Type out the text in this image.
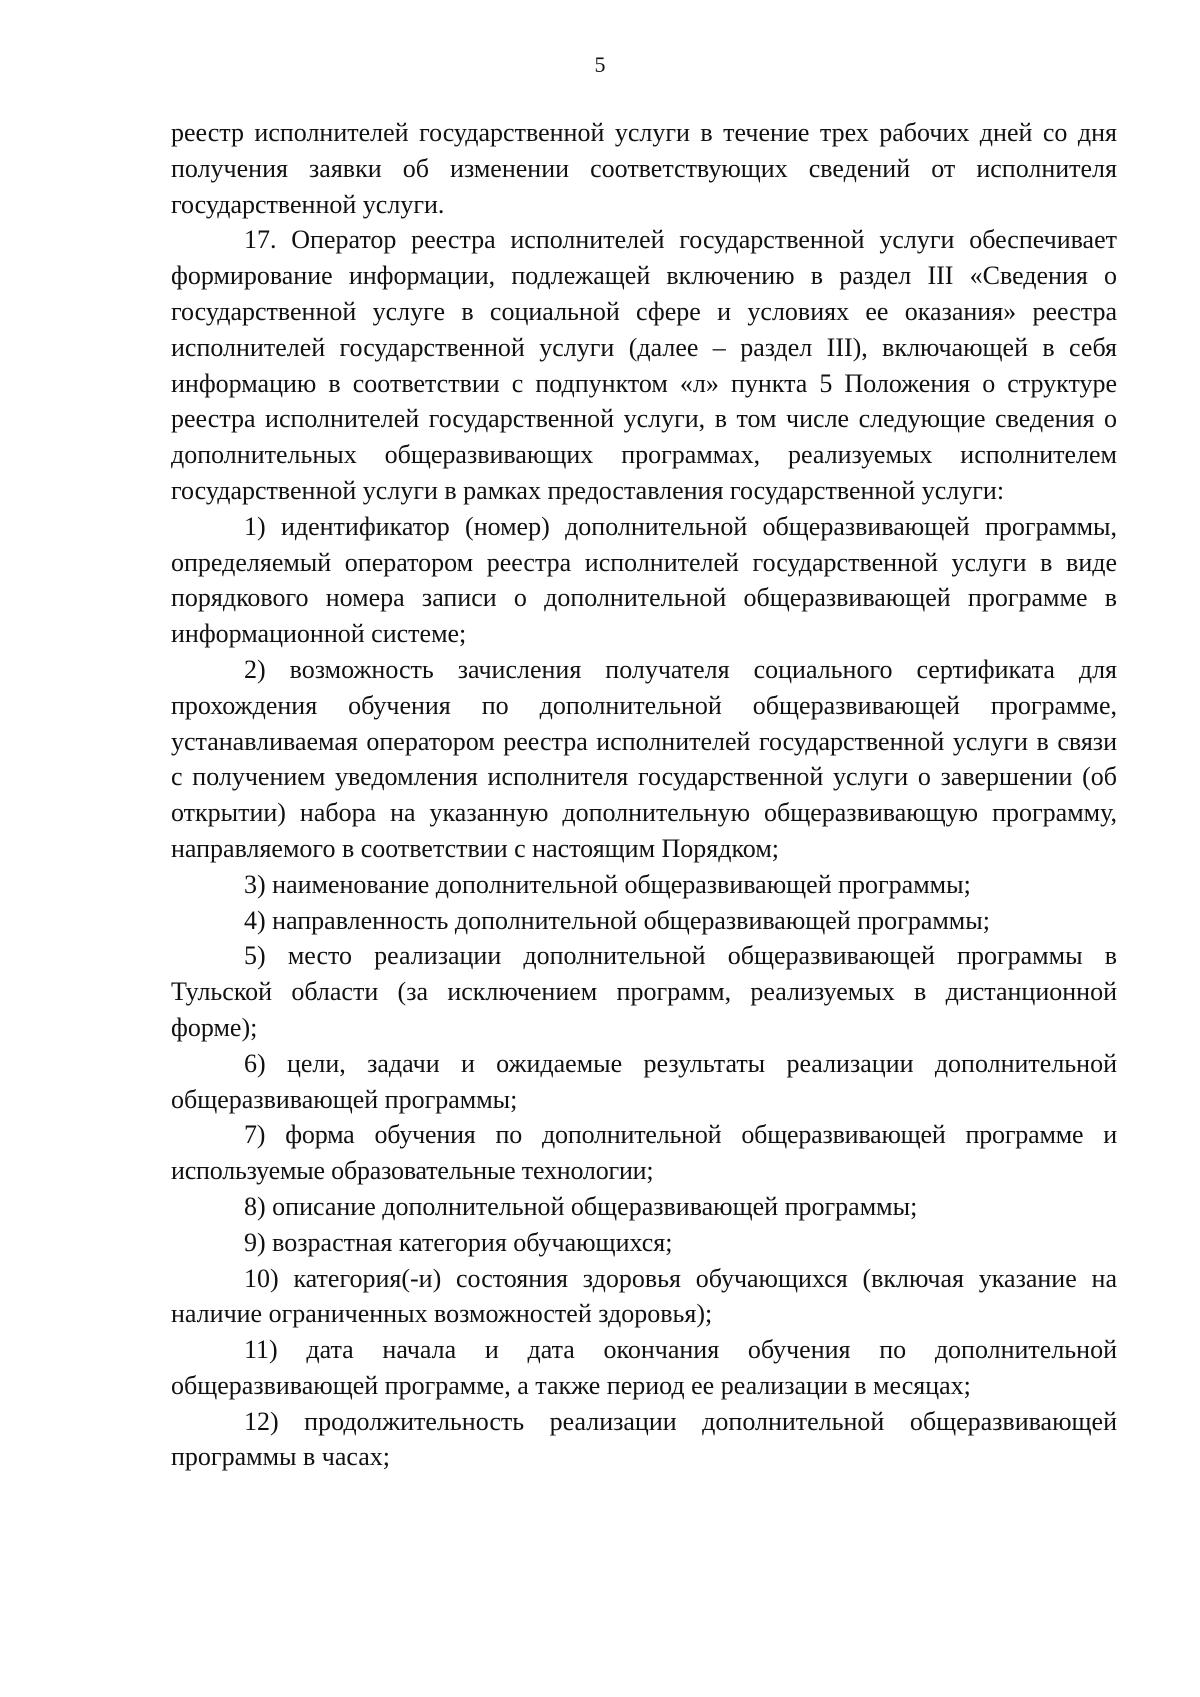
5

реестр исполнителей государственной услуги в течение трех рабочих дней со дня получения заявки об изменении соответствующих сведений от исполнителя государственной услуги.

17. Оператор реестра исполнителей государственной услуги обеспечивает формирование информации, подлежащей включению в раздел III «Сведения о государственной услуге в социальной сфере и условиях ее оказания» реестра исполнителей государственной услуги (далее – раздел III), включающей в себя информацию в соответствии с подпунктом «л» пункта 5 Положения о структуре реестра исполнителей государственной услуги, в том числе следующие сведения о дополнительных общеразвивающих программах, реализуемых исполнителем государственной услуги в рамках предоставления государственной услуги:

1) идентификатор (номер) дополнительной общеразвивающей программы, определяемый оператором реестра исполнителей государственной услуги в виде порядкового номера записи о дополнительной общеразвивающей программе в информационной системе;

2) возможность зачисления получателя социального сертификата для прохождения обучения по дополнительной общеразвивающей программе, устанавливаемая оператором реестра исполнителей государственной услуги в связи с получением уведомления исполнителя государственной услуги о завершении (об открытии) набора на указанную дополнительную общеразвивающую программу, направляемого в соответствии с настоящим Порядком;

3) наименование дополнительной общеразвивающей программы;

4) направленность дополнительной общеразвивающей программы;

5) место реализации дополнительной общеразвивающей программы в Тульской области (за исключением программ, реализуемых в дистанционной форме);

6) цели, задачи и ожидаемые результаты реализации дополнительной общеразвивающей программы;

7) форма обучения по дополнительной общеразвивающей программе и используемые образовательные технологии;

8) описание дополнительной общеразвивающей программы;

9) возрастная категория обучающихся;

10) категория(-и) состояния здоровья обучающихся (включая указание на наличие ограниченных возможностей здоровья);

11) дата начала и дата окончания обучения по дополнительной общеразвивающей программе, а также период ее реализации в месяцах;

12) продолжительность реализации дополнительной общеразвивающей программы в часах;
